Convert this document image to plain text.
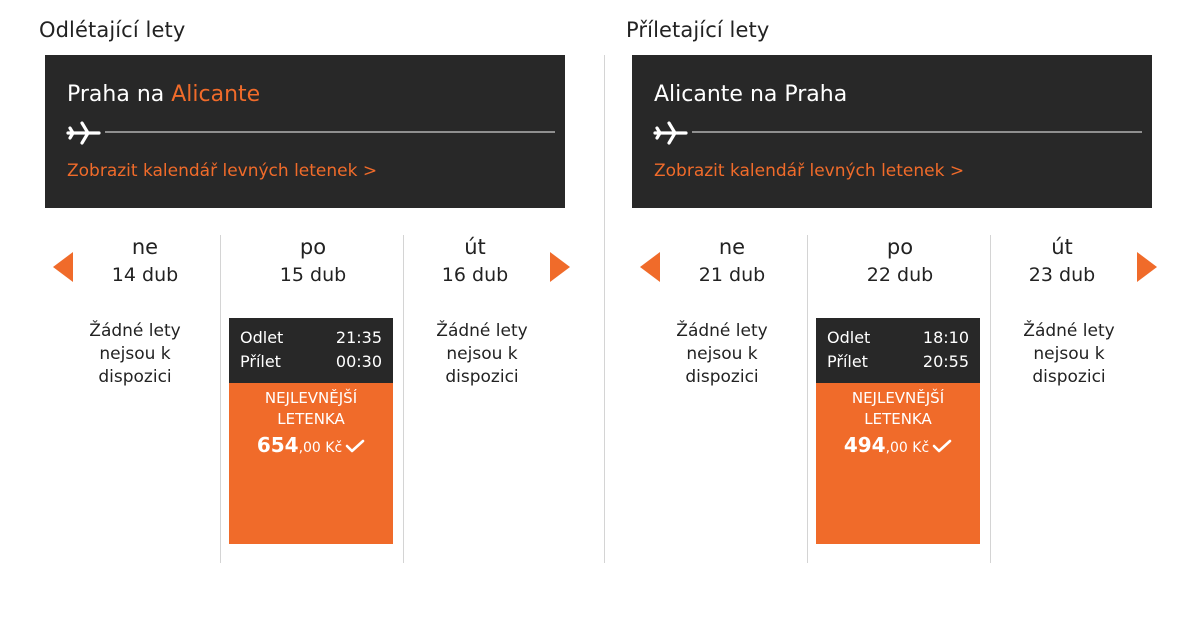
Odlétající lety
Praha na Alicante
Zobrazit kalendář levných letenek >
ne
14 dub
Žádné lety
nejsou k
dispozici
po
15 dub
Odlet	21:35
Přílet	00:30
NEJLEVNĚJŠÍ
LETENKA
654,00 Kč
út
16 dub
Žádné lety
nejsou k
dispozici
Příletající lety
Alicante na Praha
Zobrazit kalendář levných letenek >
ne
21 dub
Žádné lety
nejsou k
dispozici
po
22 dub
Odlet	18:10
Přílet	20:55
NEJLEVNĚJŠÍ
LETENKA
494,00 Kč
út
23 dub
Žádné lety
nejsou k
dispozici
